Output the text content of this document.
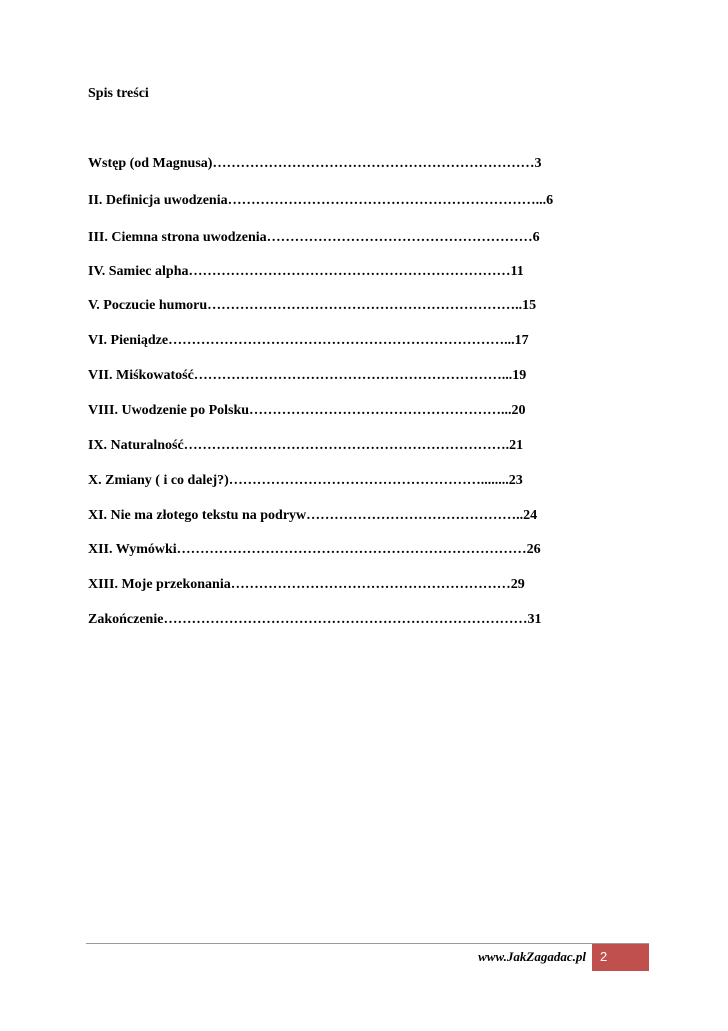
Spis treści
Wstęp (od Magnusa)……………………………………………………………3
II. Definicja uwodzenia…………………………………………………………...6
III. Ciemna strona uwodzenia…………………………………………………6
IV. Samiec alpha……………………………………………………………11
V. Poczucie humoru…………………………………………………………..15
VI. Pieniądze………………………………………………………………...17
VII. Miśkowatość…………………………………………………………...19
VIII. Uwodzenie po Polsku………………………………………………...20
IX. Naturalność…………………………………………………………….21
X. Zmiany ( i co dalej?)………………………………………………........23
XI. Nie ma złotego tekstu na podryw………………………………………..24
XII. Wymówki…………………………………………………………………26
XIII. Moje przekonania……………………………………………………29
Zakończenie……………………………………………………………………31
www.JakZagadac.pl 2
